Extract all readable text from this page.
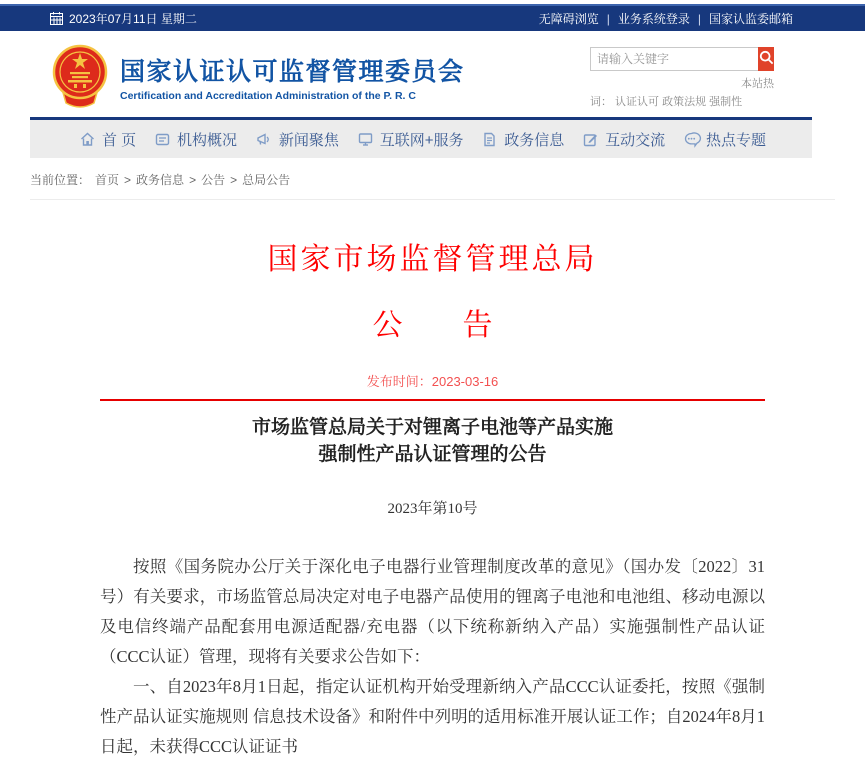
2023年07月11日 星期二	无障碍浏览 | 业务系统登录 | 国家认监委邮箱
国家认证认可监督管理委员会
Certification and Accreditation Administration of the P. R. C
请输入关键字
本站热
词： 认证认可 政策法规 强制性
首 页	机构概况	新闻聚焦	互联网+服务	政务信息	互动交流	热点专题
当前位置： 首页 > 政务信息 > 公告 > 总局公告
国家市场监督管理总局
公　　告
发布时间：2023-03-16
市场监管总局关于对锂离子电池等产品实施
强制性产品认证管理的公告
2023年第10号

按照《国务院办公厅关于深化电子电器行业管理制度改革的意见》（国办发〔2022〕31号）有关要求，市场监管总局决定对电子电器产品使用的锂离子电池和电池组、移动电源以及电信终端产品配套用电源适配器/充电器（以下统称新纳入产品）实施强制性产品认证（CCC认证）管理，现将有关要求公告如下：

一、自2023年8月1日起，指定认证机构开始受理新纳入产品CCC认证委托，按照《强制性产品认证实施规则 信息技术设备》和附件中列明的适用标准开展认证工作；自2024年8月1日起，未获得CCC认证证书
